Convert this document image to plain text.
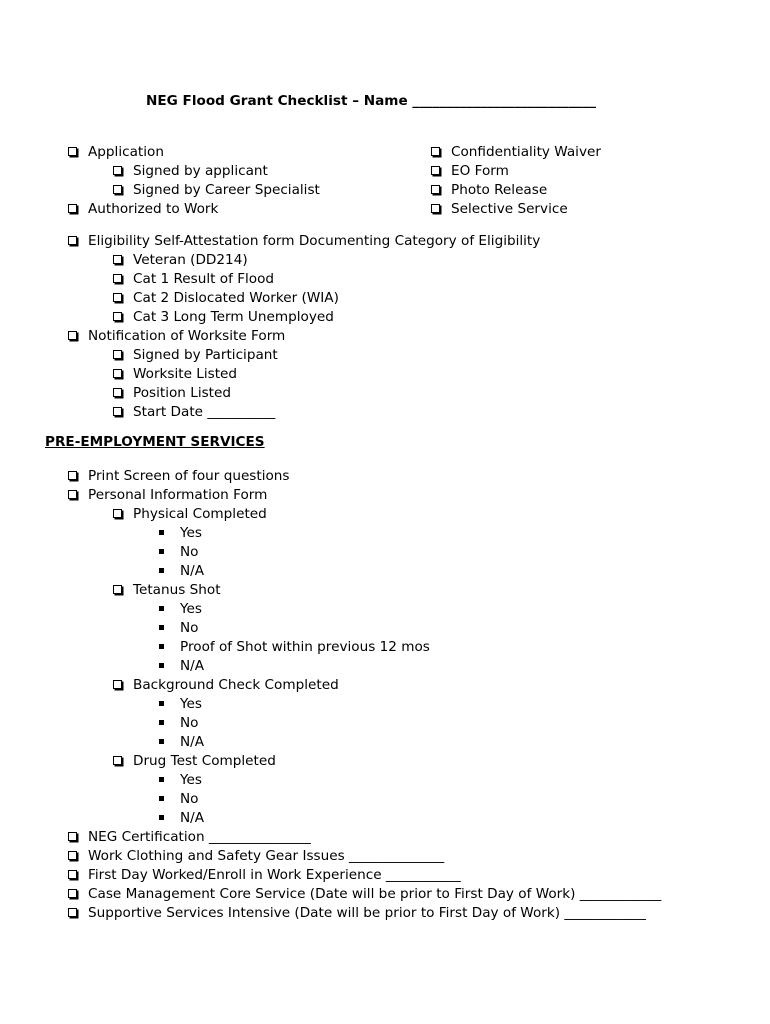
NEG Flood Grant Checklist – Name ___________________________
Application
Signed by applicant
Signed by Career Specialist
Authorized to Work
Confidentiality Waiver
EO Form
Photo Release
Selective Service
Eligibility Self-Attestation form Documenting Category of Eligibility
Veteran (DD214)
Cat 1 Result of Flood
Cat 2 Dislocated Worker (WIA)
Cat 3 Long Term Unemployed
Notification of Worksite Form
Signed by Participant
Worksite Listed
Position Listed
Start Date __________
PRE-EMPLOYMENT SERVICES
Print Screen of four questions
Personal Information Form
Physical Completed
Yes
No
N/A
Tetanus Shot
Yes
No
Proof of Shot within previous 12 mos
N/A
Background Check Completed
Yes
No
N/A
Drug Test Completed
Yes
No
N/A
NEG Certification _______________
Work Clothing and Safety Gear Issues ______________
First Day Worked/Enroll in Work Experience ___________
Case Management Core Service (Date will be prior to First Day of Work) ____________
Supportive Services Intensive (Date will be prior to First Day of Work) ____________
